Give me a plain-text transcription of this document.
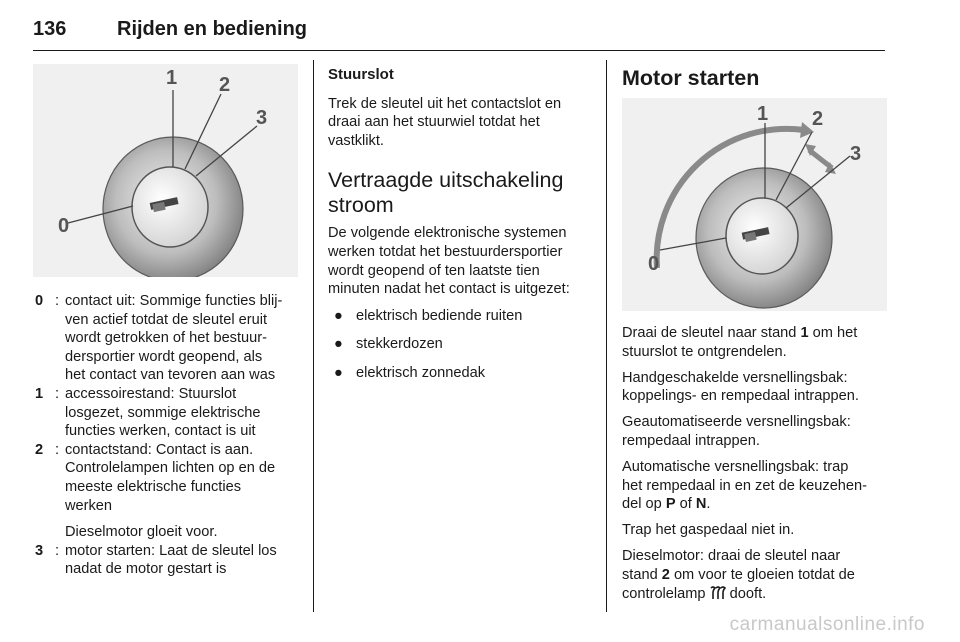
136	Rijden en bediening
0
1 2
3
0 : contact uit: Sommige functies blij-
ven actief totdat de sleutel eruit
wordt getrokken of het bestuur-
dersportier wordt geopend, als
het contact van tevoren aan was
1 : accessoirestand: Stuurslot
losgezet, sommige elektrische
functies werken, contact is uit
2 : contactstand: Contact is aan.
Controlelampen lichten op en de
meeste elektrische functies
werken
Dieselmotor gloeit voor.
3 : motor starten: Laat de sleutel los
nadat de motor gestart is
Stuurslot
Trek de sleutel uit het contactslot en
draai aan het stuurwiel totdat het
vastklikt.
Vertraagde uitschakeling
stroom
De volgende elektronische systemen
werken totdat het bestuurdersportier
wordt geopend of ten laatste tien
minuten nadat het contact is uitgezet:
● elektrisch bediende ruiten
● stekkerdozen
● elektrisch zonnedak
Motor starten
0
1 2
3
Draai de sleutel naar stand 1 om het
stuurslot te ontgrendelen.
Handgeschakelde versnellingsbak:
koppelings- en rempedaal intrappen.
Geautomatiseerde versnellingsbak:
rempedaal intrappen.
Automatische versnellingsbak: trap
het rempedaal in en zet de keuzehen-
del op P of N.
Trap het gaspedaal niet in.
Dieselmotor: draai de sleutel naar
stand 2 om voor te gloeien totdat de
controlelamp  dooft.
carmanualsonline.info
